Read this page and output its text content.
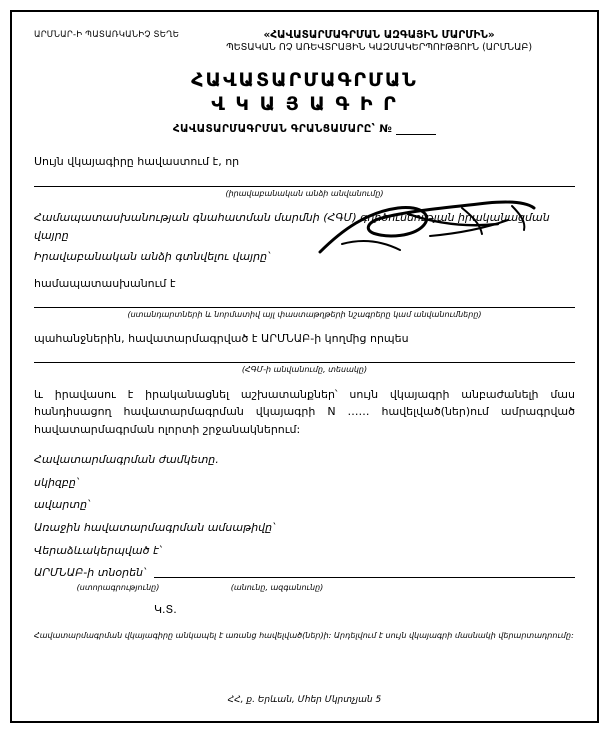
ԱՐՄՆԱՐ-Ի ՊԱՏԱՌԿԱՆԻՉ ՏԵՂԵ	«ՀԱՎԱՏԱՐՄԱԳՐՄԱՆ ԱԶԳԱՅԻՆ ՄԱՐՄԻՆ»
ՊԵՏԱԿԱՆ ՈՉ ԱՌԵՎՏՐԱՅԻՆ ԿԱԶՄԱԿԵՐՊՈՒԹՅՈՒՆ (ԱՐՄՆԱԲ)
ՀԱՎԱՏԱՐՄԱԳՐՄԱՆ
Վ Կ Ա Յ Ա Գ Ի Ր
ՀԱՎԱՏԱՐՄԱԳՐՄԱՆ ԳՐԱՆՑԱՄԱՐԸ՝ №

Սույն վկայագիրը հավաստում է, որ

(իրավաբանական անձի անվանումը)

Համապատասխանության գնահատման մարմնի (ՀԳՄ) գործունեության իրականացման

վայրը

Իրավաբանական անձի գտնվելու վայրը՝

համապատասխանում է

(ստանդարտների և նորմատիվ այլ փաստաթղթերի նշագրերը կամ անվանումները)

պահանջներին, հավատարմագրված է ԱՐՄՆԱԲ-ի կողմից որպես

(ՀԳՄ-ի անվանումը, տեսակը)

և իրավասու է իրականացնել աշխատանքներ՝ սույն վկայագրի անբաժանելի մաս հանդիսացող հավատարմագրման վկայագրի N …… հավելված(ներ)ում ամրագրված հավատարմագրման ոլորտի շրջանակներում:

Հավատարմագրման ժամկետը․
սկիզբը՝
ավարտը՝
Առաջին հավատարմագրման ամսաթիվը՝
Վերաձևակերպված է՝
ԱՐՄՆԱԲ-ի տնօրեն՝
(ստորագրությունը)	(անունը, ազգանունը)
Կ.Տ.
Հավատարմագրման վկայագիրը անկապել է առանց հավելված(ներ)ի: Արդելվում է սույն վկայագրի մասնակի վերարտադրումը:
ՀՀ, ք. Երևան, Մհեր Մկրտչյան 5
